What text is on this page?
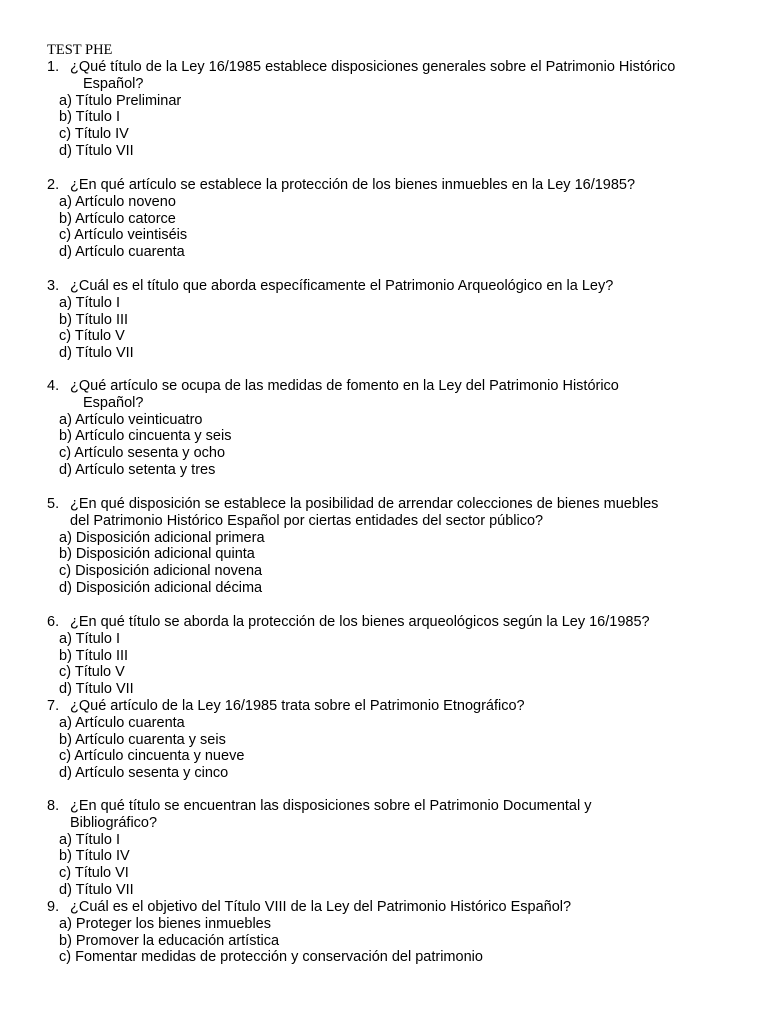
TEST PHE
1. ¿Qué título de la Ley 16/1985 establece disposiciones generales sobre el Patrimonio Histórico
Español?
a) Título Preliminar
b) Título I
c) Título IV
d) Título VII
2. ¿En qué artículo se establece la protección de los bienes inmuebles en la Ley 16/1985?
a) Artículo noveno
b) Artículo catorce
c) Artículo veintiséis
d) Artículo cuarenta
3. ¿Cuál es el título que aborda específicamente el Patrimonio Arqueológico en la Ley?
a) Título I
b) Título III
c) Título V
d) Título VII
4. ¿Qué artículo se ocupa de las medidas de fomento en la Ley del Patrimonio Histórico
Español?
a) Artículo veinticuatro
b) Artículo cincuenta y seis
c) Artículo sesenta y ocho
d) Artículo setenta y tres
5. ¿En qué disposición se establece la posibilidad de arrendar colecciones de bienes muebles
del Patrimonio Histórico Español por ciertas entidades del sector público?
a) Disposición adicional primera
b) Disposición adicional quinta
c) Disposición adicional novena
d) Disposición adicional décima
6. ¿En qué título se aborda la protección de los bienes arqueológicos según la Ley 16/1985?
a) Título I
b) Título III
c) Título V
d) Título VII
7. ¿Qué artículo de la Ley 16/1985 trata sobre el Patrimonio Etnográfico?
a) Artículo cuarenta
b) Artículo cuarenta y seis
c) Artículo cincuenta y nueve
d) Artículo sesenta y cinco
8. ¿En qué título se encuentran las disposiciones sobre el Patrimonio Documental y
Bibliográfico?
a) Título I
b) Título IV
c) Título VI
d) Título VII
9. ¿Cuál es el objetivo del Título VIII de la Ley del Patrimonio Histórico Español?
a) Proteger los bienes inmuebles
b) Promover la educación artística
c) Fomentar medidas de protección y conservación del patrimonio
